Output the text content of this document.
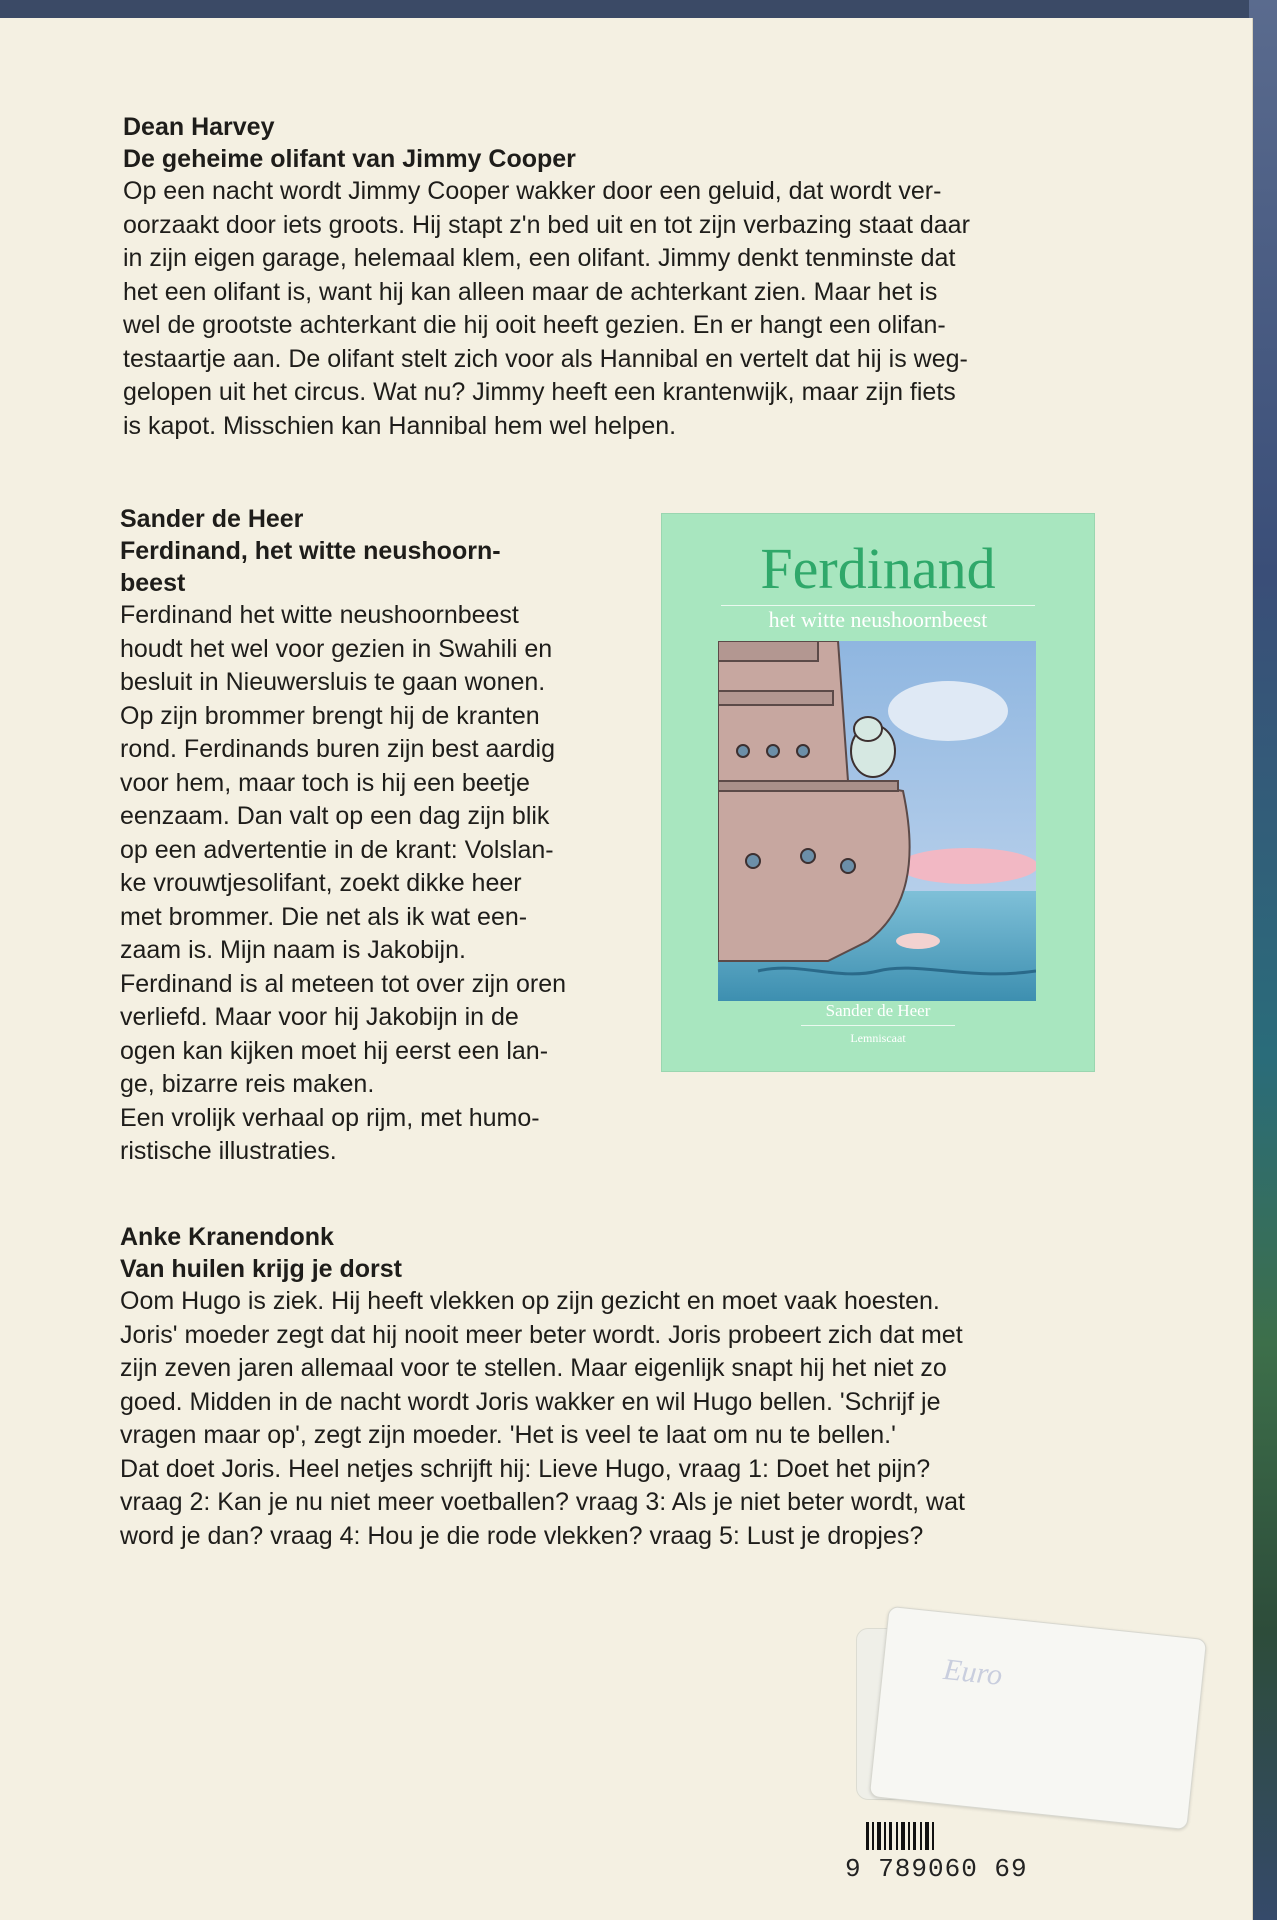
Dean Harvey
De geheime olifant van Jimmy Cooper
Op een nacht wordt Jimmy Cooper wakker door een geluid, dat wordt ver-
oorzaakt door iets groots. Hij stapt z'n bed uit en tot zijn verbazing staat daar
in zijn eigen garage, helemaal klem, een olifant. Jimmy denkt tenminste dat
het een olifant is, want hij kan alleen maar de achterkant zien. Maar het is
wel de grootste achterkant die hij ooit heeft gezien. En er hangt een olifan-
testaartje aan. De olifant stelt zich voor als Hannibal en vertelt dat hij is weg-
gelopen uit het circus. Wat nu? Jimmy heeft een krantenwijk, maar zijn fiets
is kapot. Misschien kan Hannibal hem wel helpen.
Sander de Heer
Ferdinand, het witte neushoorn-
beest
Ferdinand het witte neushoornbeest
houdt het wel voor gezien in Swahili en
besluit in Nieuwersluis te gaan wonen.
Op zijn brommer brengt hij de kranten
rond. Ferdinands buren zijn best aardig
voor hem, maar toch is hij een beetje
eenzaam. Dan valt op een dag zijn blik
op een advertentie in de krant: Volslan-
ke vrouwtjesolifant, zoekt dikke heer
met brommer. Die net als ik wat een-
zaam is. Mijn naam is Jakobijn.
Ferdinand is al meteen tot over zijn oren
verliefd. Maar voor hij Jakobijn in de
ogen kan kijken moet hij eerst een lan-
ge, bizarre reis maken.
Een vrolijk verhaal op rijm, met humo-
ristische illustraties.
Ferdinand
het witte neushoornbeest
Sander de Heer
Lemniscaat
Anke Kranendonk
Van huilen krijg je dorst
Oom Hugo is ziek. Hij heeft vlekken op zijn gezicht en moet vaak hoesten.
Joris' moeder zegt dat hij nooit meer beter wordt. Joris probeert zich dat met
zijn zeven jaren allemaal voor te stellen. Maar eigenlijk snapt hij het niet zo
goed. Midden in de nacht wordt Joris wakker en wil Hugo bellen. 'Schrijf je
vragen maar op', zegt zijn moeder. 'Het is veel te laat om nu te bellen.'
Dat doet Joris. Heel netjes schrijft hij: Lieve Hugo, vraag 1: Doet het pijn?
vraag 2: Kan je nu niet meer voetballen? vraag 3: Als je niet beter wordt, wat
word je dan? vraag 4: Hou je die rode vlekken? vraag 5: Lust je dropjes?
Euro
9 789060 69
